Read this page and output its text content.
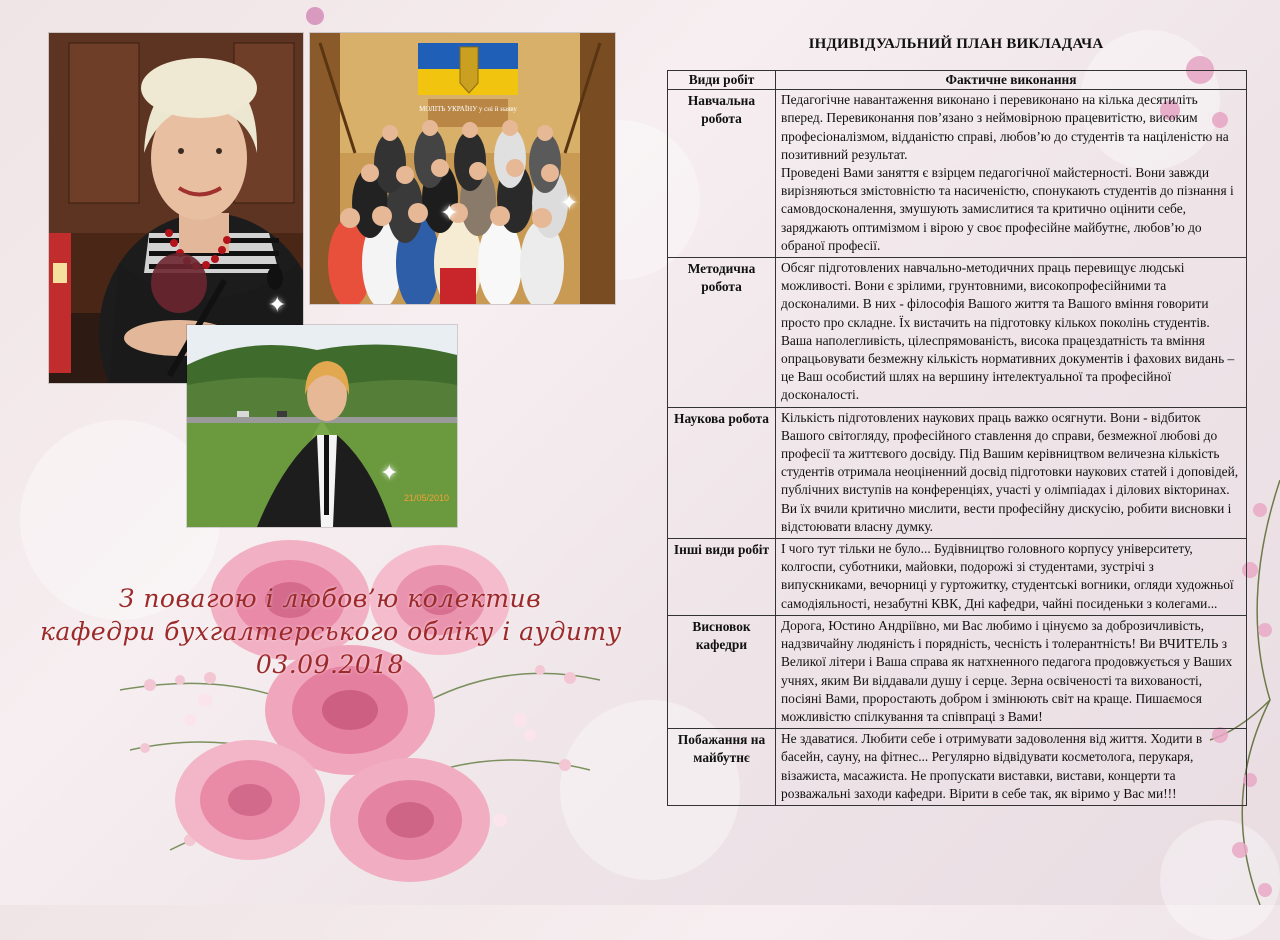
МОЛІТЬ УКРАЇНУ у сні й наяву
21/05/2010
З повагою і любов’ю колектив
кафедри бухгалтерського обліку і аудиту
03.09.2018
✦
✦	✦
✦
ІНДИВІДУАЛЬНИЙ ПЛАН ВИКЛАДАЧА
Види робіт	Фактичне виконання
Навчальна робота	Педагогічне навантаження виконано і перевиконано на кілька десятиліть вперед. Перевиконання пов’язано з неймовірною працевитістю, високим професіоналізмом, відданістю справі, любов’ю до студентів та націленістю на позитивний результат.

Проведені Вами заняття є взірцем педагогічної майстерності. Вони завжди вирізняються змістовністю та насиченістю, спонукають студентів до пізнання і самовдосконалення, змушують замислитися та критично оцінити себе, заряджають оптимізмом і вірою у своє професійне майбутнє, любов’ю до обраної професії.

Методична робота	Обсяг підготовлених навчально-методичних праць перевищує людські можливості. Вони є зрілими, грунтовними, високопрофесійними та досконалими. В них - філософія Вашого життя та Вашого вміння говорити просто про складне. Їх вистачить на підготовку кількох поколінь студентів. Ваша наполегливість, цілеспрямованість, висока працездатність та вміння опрацьовувати безмежну кількість нормативних документів і фахових видань – це Ваш особистий шлях на вершину інтелектуальної та професійної досконалості.

Наукова робота	Кількість підготовлених наукових праць важко осягнути. Вони - відбиток Вашого світогляду, професійного ставлення до справи, безмежної любові до професії та життєвого досвіду. Під Вашим керівництвом величезна кількість студентів отримала неоціненний досвід підготовки наукових статей і доповідей, публічних виступів на конференціях, участі у олімпіадах і ділових вікторинах. Ви їх вчили критично мислити, вести професійну дискусію, робити висновки і відстоювати власну думку.

Інші види робіт	І чого тут тільки не було... Будівництво головного корпусу університету, колгоспи, суботники, майовки, подорожі зі студентами, зустрічі з випускниками, вечорниці у гуртожитку, студентські вогники, огляди художньої самодіяльності, незабутні КВК, Дні кафедри, чайні посиденьки з колегами...

Висновок кафедри	Дорога, Юстино Андріївно, ми Вас любимо і цінуємо за доброзичливість, надзвичайну людяність і порядність, чесність і толерантність! Ви ВЧИТЕЛЬ з Великої літери і Ваша справа як натхненного педагога продовжується у Ваших учнях, яким Ви віддавали душу і серце. Зерна освіченості та вихованості, посіяні Вами, проростають добром і змінюють світ на краще. Пишаємося можливістю спілкування та співпраці з Вами!

Побажання на майбутнє	Не здаватися. Любити себе і отримувати задоволення від життя. Ходити в басейн, сауну, на фітнес... Регулярно відвідувати косметолога, перукаря, візажиста, масажиста. Не пропускати виставки, вистави, концерти та розважальні заходи кафедри. Вірити в себе так, як віримо у Вас ми!!!
